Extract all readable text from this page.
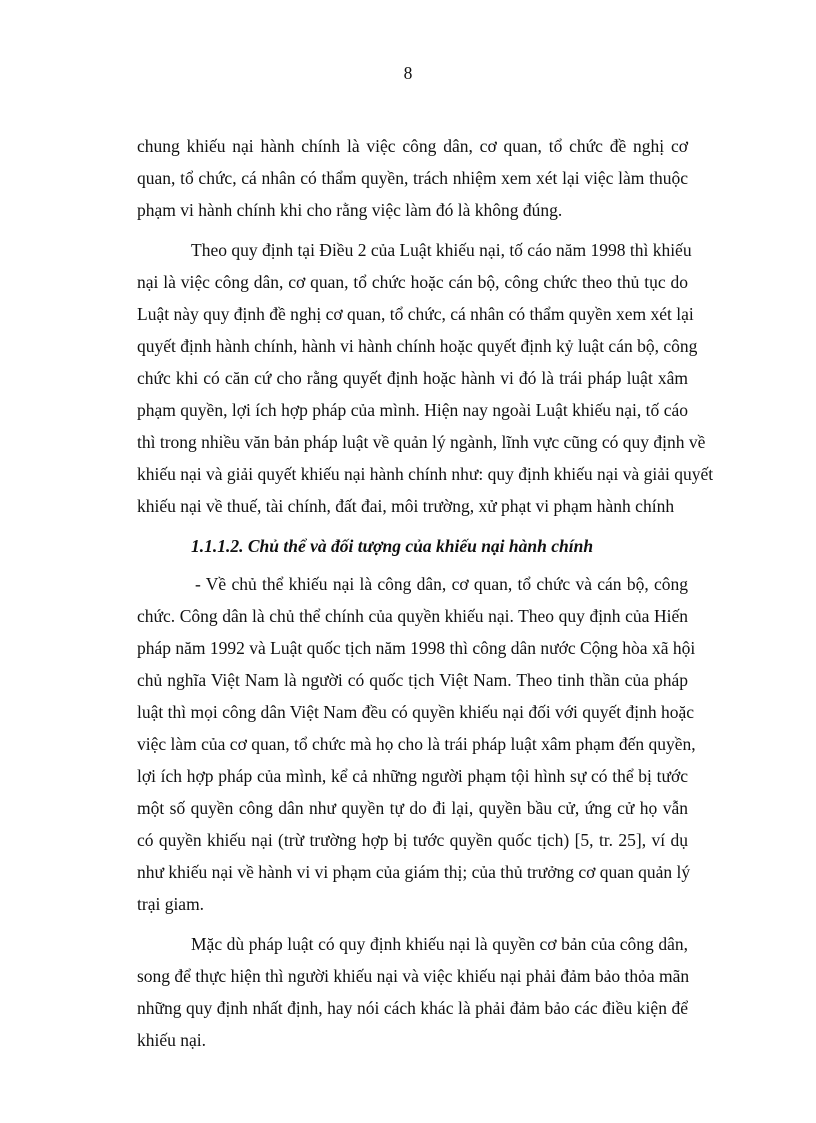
8
chung khiếu nại hành chính là việc công dân, cơ quan, tổ chức đề nghị cơ
quan, tổ chức, cá nhân có thẩm quyền, trách nhiệm xem xét lại việc làm thuộc
phạm vi hành chính khi cho rằng việc làm đó là không đúng.
Theo quy định tại Điều 2 của Luật khiếu nại, tố cáo năm 1998 thì khiếu
nại là việc công dân, cơ quan, tổ chức hoặc cán bộ, công chức theo thủ tục do
Luật này quy định đề nghị cơ quan, tổ chức, cá nhân có thẩm quyền xem xét lại
quyết định hành chính, hành vi hành chính hoặc quyết định kỷ luật cán bộ, công
chức khi có căn cứ cho rằng quyết định hoặc hành vi đó là trái pháp luật xâm
phạm quyền, lợi ích hợp pháp của mình. Hiện nay ngoài Luật khiếu nại, tố cáo
thì trong nhiều văn bản pháp luật về quản lý ngành, lĩnh vực cũng có quy định về
khiếu nại và giải quyết khiếu nại hành chính như: quy định khiếu nại và giải quyết
khiếu nại về thuế, tài chính, đất đai, môi trường, xử phạt vi phạm hành chính
1.1.1.2. Chủ thể và đối tượng của khiếu nại hành chính
- Về chủ thể khiếu nại là công dân, cơ quan, tổ chức và cán bộ, công
chức. Công dân là chủ thể chính của quyền khiếu nại. Theo quy định của Hiến
pháp năm 1992 và Luật quốc tịch năm 1998 thì công dân nước Cộng hòa xã hội
chủ nghĩa Việt Nam là người có quốc tịch Việt Nam. Theo tinh thần của pháp
luật thì mọi công dân Việt Nam đều có quyền khiếu nại đối với quyết định hoặc
việc làm của cơ quan, tổ chức mà họ cho là trái pháp luật xâm phạm đến quyền,
lợi ích hợp pháp của mình, kể cả những người phạm tội hình sự có thể bị tước
một số quyền công dân như quyền tự do đi lại, quyền bầu cử, ứng cử họ vẫn
có quyền khiếu nại (trừ trường hợp bị tước quyền quốc tịch) [5, tr. 25], ví dụ
như khiếu nại về hành vi vi phạm của giám thị; của thủ trưởng cơ quan quản lý
trại giam.
Mặc dù pháp luật có quy định khiếu nại là quyền cơ bản của công dân,
song để thực hiện thì người khiếu nại và việc khiếu nại phải đảm bảo thỏa mãn
những quy định nhất định, hay nói cách khác là phải đảm bảo các điều kiện để
khiếu nại.
